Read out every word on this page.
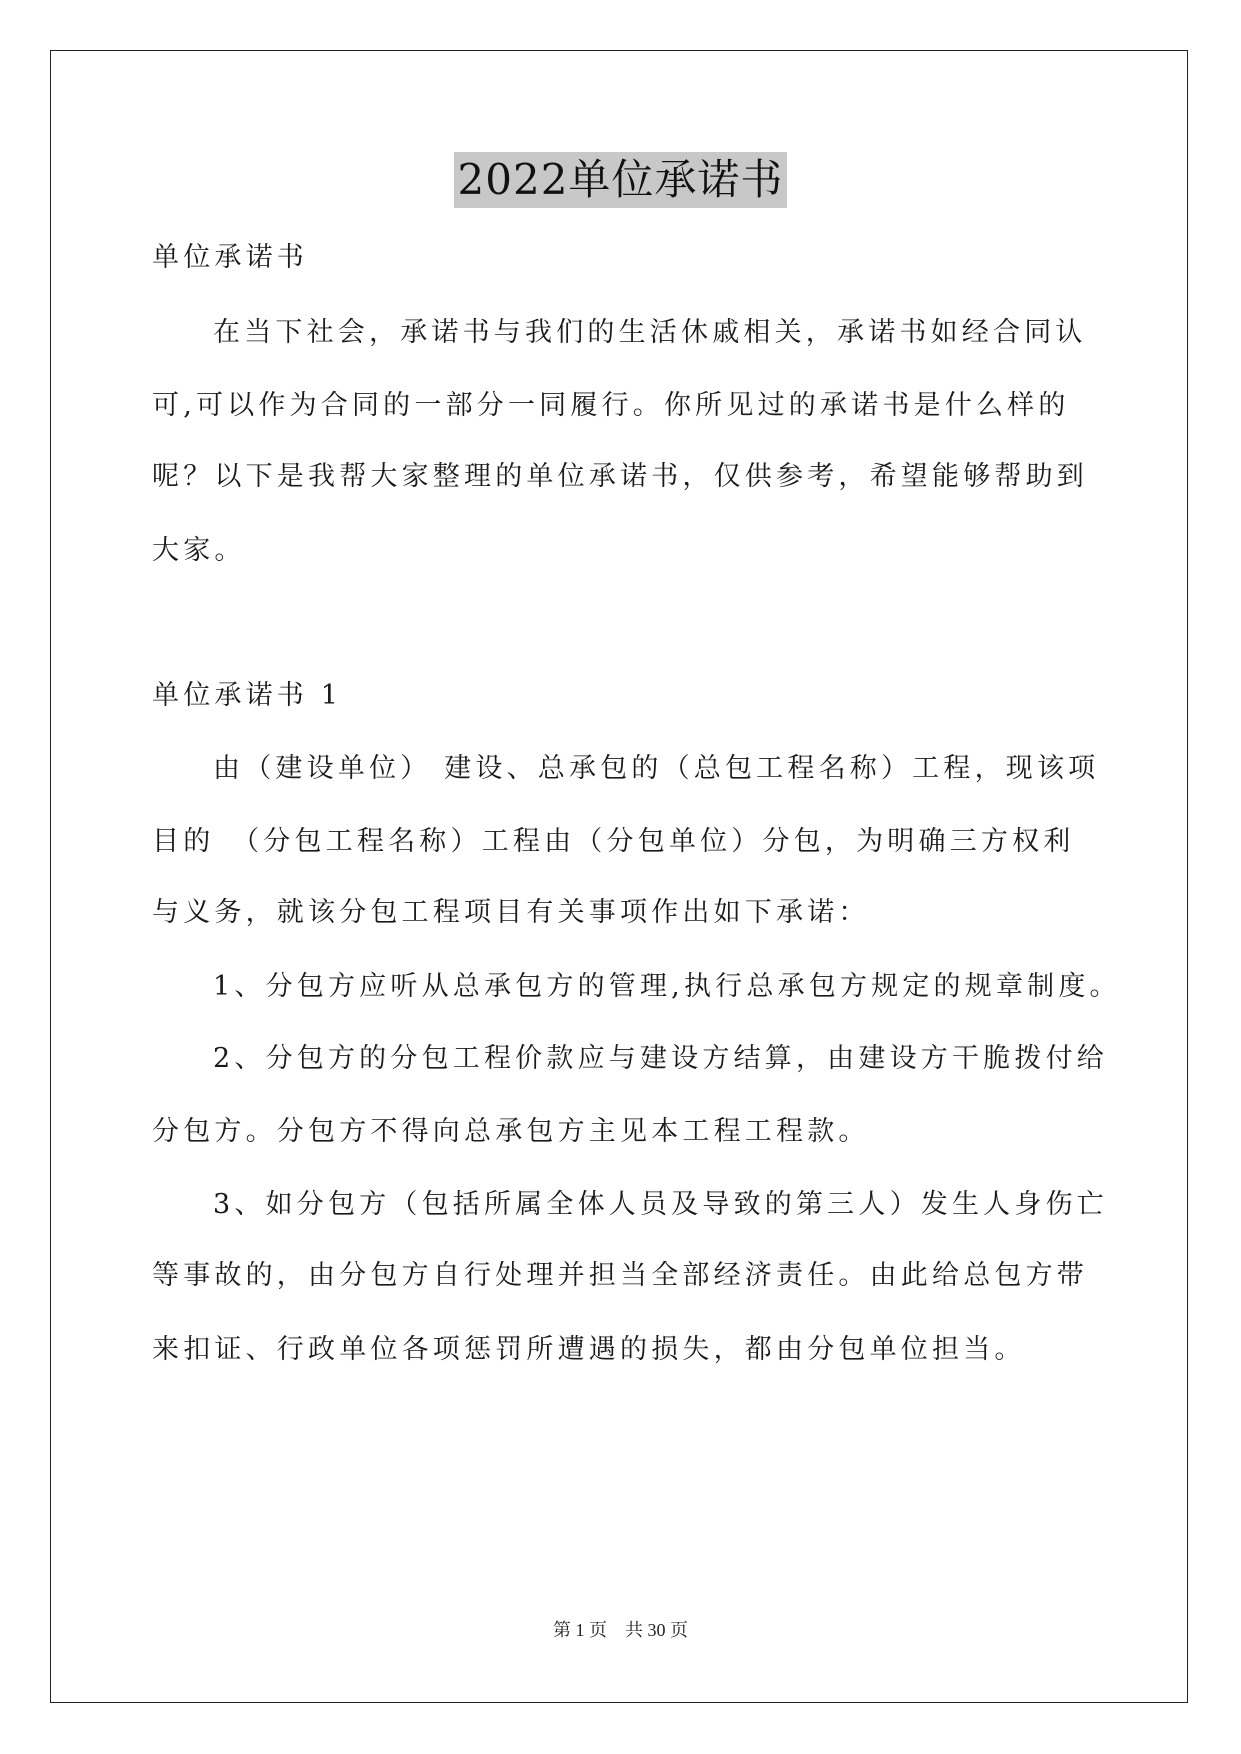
2022单位承诺书
单位承诺书
在当下社会，承诺书与我们的生活休戚相关，承诺书如经合同认
可,可以作为合同的一部分一同履行。你所见过的承诺书是什么样的
呢？以下是我帮大家整理的单位承诺书，仅供参考，希望能够帮助到
大家。
单位承诺书 1
由（建设单位） 建设、总承包的（总包工程名称）工程，现该项
目的　（分包工程名称）工程由（分包单位）分包，为明确三方权利
与义务，就该分包工程项目有关事项作出如下承诺：
1、分包方应听从总承包方的管理,执行总承包方规定的规章制度。
2、分包方的分包工程价款应与建设方结算，由建设方干脆拨付给
分包方。分包方不得向总承包方主见本工程工程款。
3、如分包方（包括所属全体人员及导致的第三人）发生人身伤亡
等事故的，由分包方自行处理并担当全部经济责任。由此给总包方带
来扣证、行政单位各项惩罚所遭遇的损失，都由分包单位担当。
第 1 页　共 30 页
